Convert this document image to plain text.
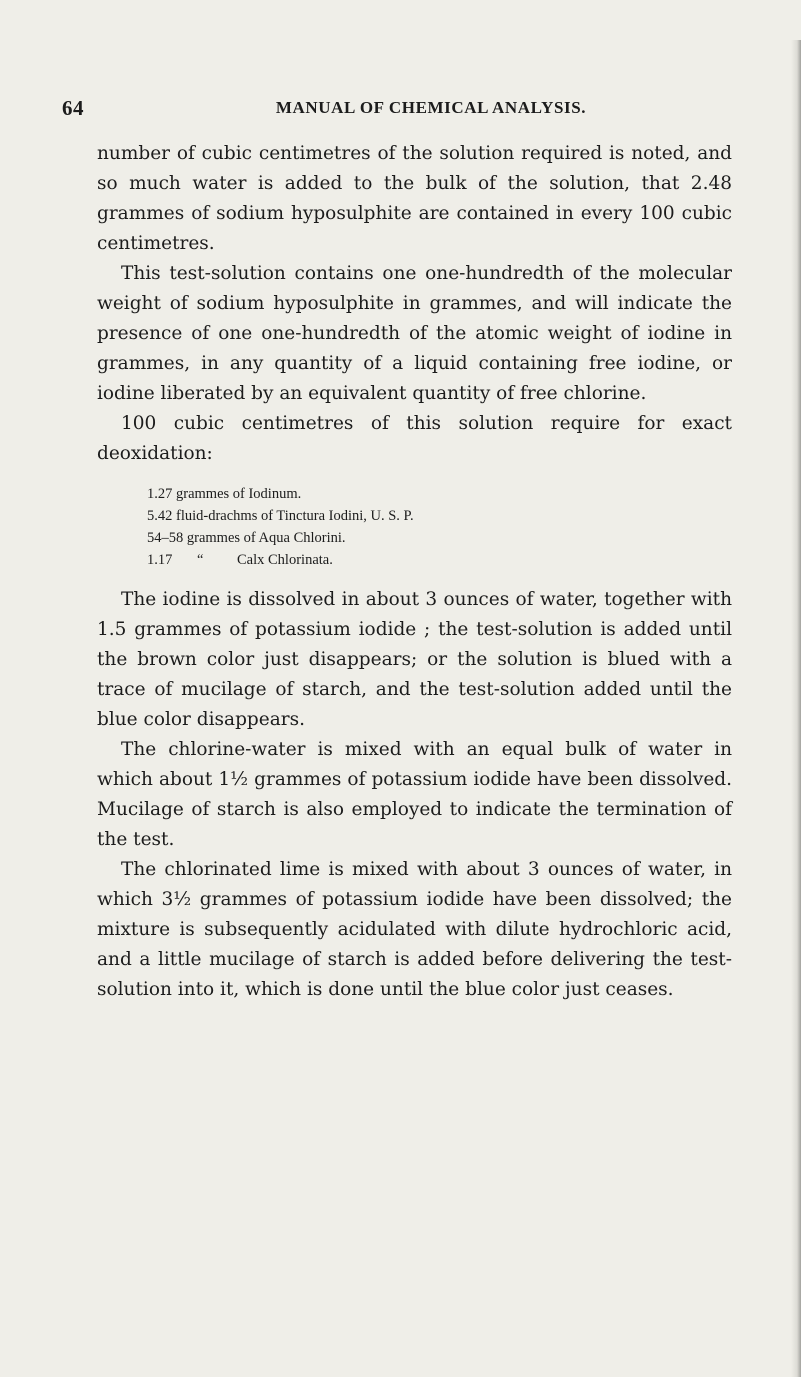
64	MANUAL OF CHEMICAL ANALYSIS.

number of cubic centimetres of the solution required is noted, and so much water is added to the bulk of the solution, that 2.48 grammes of sodium hyposulphite are contained in every 100 cubic centimetres.

This test-solution contains one one-hundredth of the molecular weight of sodium hyposulphite in grammes, and will indicate the presence of one one-hundredth of the atomic weight of iodine in grammes, in any quantity of a liquid containing free iodine, or iodine liberated by an equivalent quantity of free chlorine.

100 cubic centimetres of this solution require for exact deoxidation:

1.27 grammes of Iodinum.
5.42 fluid-drachms of Tinctura Iodini, U. S. P.
54–58 grammes of Aqua Chlorini.
1.17 “ Calx Chlorinata.

The iodine is dissolved in about 3 ounces of water, together with 1.5 grammes of potassium iodide ; the test-solution is added until the brown color just disappears; or the solution is blued with a trace of mucilage of starch, and the test-solution added until the blue color disappears.

The chlorine-water is mixed with an equal bulk of water in which about 1½ grammes of potassium iodide have been dissolved. Mucilage of starch is also employed to indicate the termination of the test.

The chlorinated lime is mixed with about 3 ounces of water, in which 3½ grammes of potassium iodide have been dissolved; the mixture is subsequently acidulated with dilute hydrochloric acid, and a little mucilage of starch is added before delivering the test-solution into it, which is done until the blue color just ceases.
